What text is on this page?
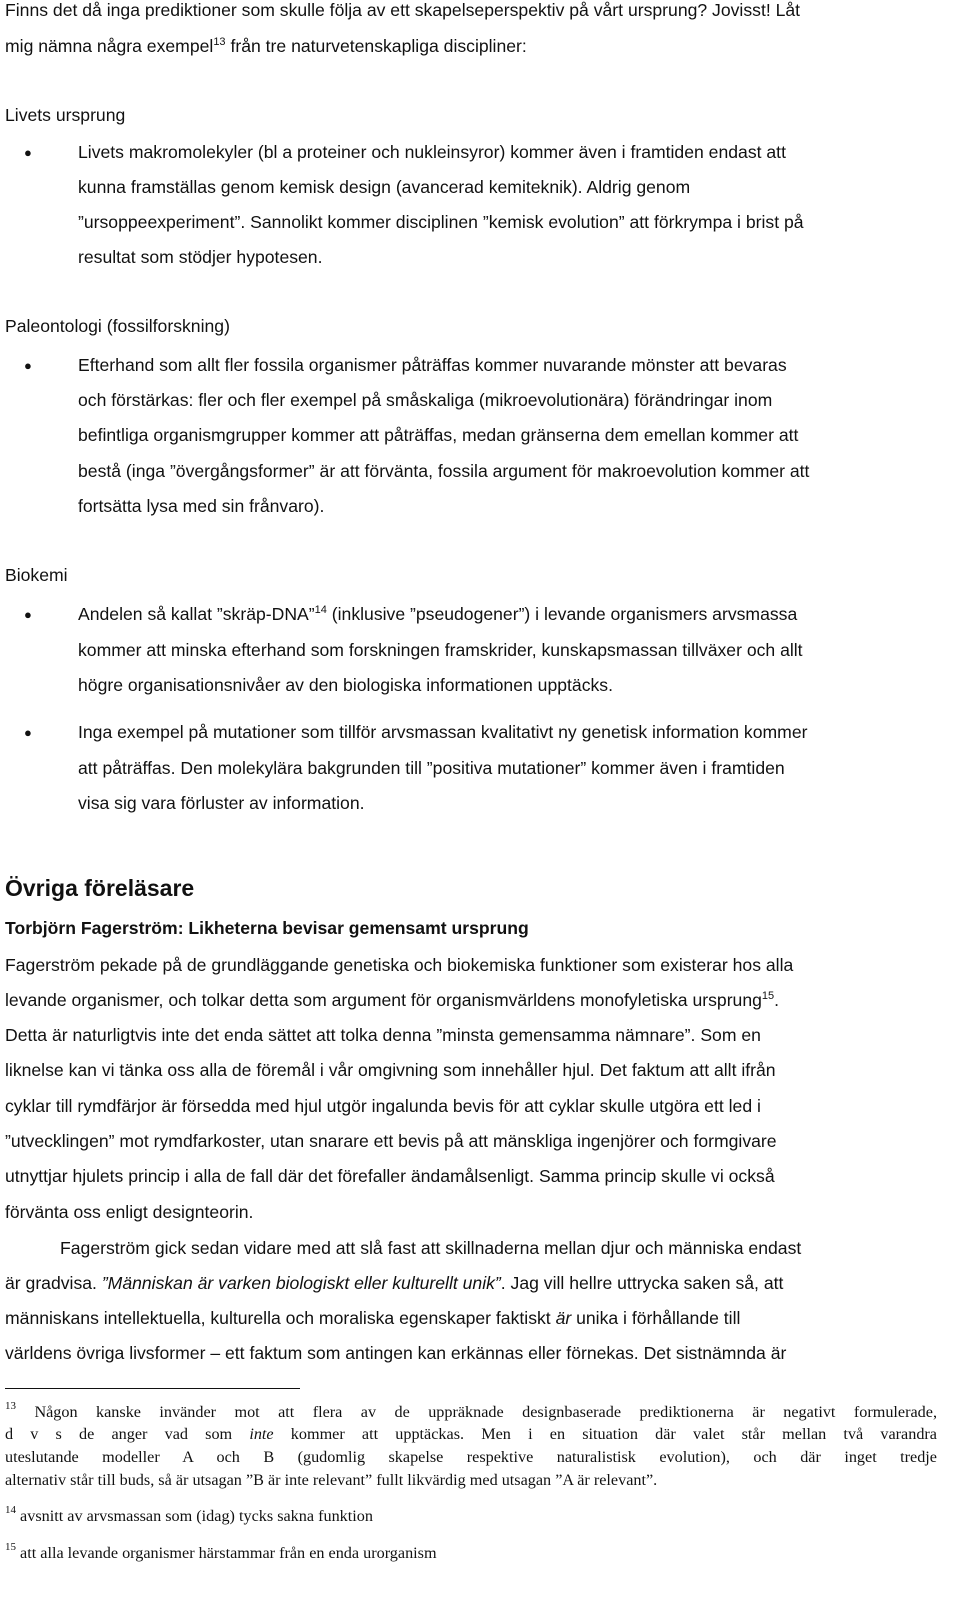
Finns det då inga prediktioner som skulle följa av ett skapelseperspektiv på vårt ursprung? Jovisst! Låt
mig nämna några exempel$^{13}$ från tre naturvetenskapliga discipliner:
Livets ursprung
●	Livets makromolekyler (bl a proteiner och nukleinsyror) kommer även i framtiden endast att
kunna framställas genom kemisk design (avancerad kemiteknik). Aldrig genom
”ursoppeexperiment”. Sannolikt kommer disciplinen ”kemisk evolution” att förkrympa i brist på
resultat som stödjer hypotesen.
Paleontologi (fossilforskning)
●	Efterhand som allt fler fossila organismer påträffas kommer nuvarande mönster att bevaras
och förstärkas: fler och fler exempel på småskaliga (mikroevolutionära) förändringar inom
befintliga organismgrupper kommer att påträffas, medan gränserna dem emellan kommer att
bestå (inga ”övergångsformer” är att förvänta, fossila argument för makroevolution kommer att
fortsätta lysa med sin frånvaro).
Biokemi
●	Andelen så kallat ”skräp-DNA”$^{14}$ (inklusive ”pseudogener”) i levande organismers arvsmassa
kommer att minska efterhand som forskningen framskrider, kunskapsmassan tillväxer och allt
högre organisationsnivåer av den biologiska informationen upptäcks.
●	Inga exempel på mutationer som tillför arvsmassan kvalitativt ny genetisk information kommer
att påträffas. Den molekylära bakgrunden till ”positiva mutationer” kommer även i framtiden
visa sig vara förluster av information.
Övriga föreläsare
Torbjörn Fagerström: Likheterna bevisar gemensamt ursprung
Fagerström pekade på de grundläggande genetiska och biokemiska funktioner som existerar hos alla
levande organismer, och tolkar detta som argument för organismvärldens monofyletiska ursprung$^{15}$.
Detta är naturligtvis inte det enda sättet att tolka denna ”minsta gemensamma nämnare”. Som en
liknelse kan vi tänka oss alla de föremål i vår omgivning som innehåller hjul. Det faktum att allt ifrån
cyklar till rymdfärjor är försedda med hjul utgör ingalunda bevis för att cyklar skulle utgöra ett led i
”utvecklingen” mot rymdfarkoster, utan snarare ett bevis på att mänskliga ingenjörer och formgivare
utnyttjar hjulets princip i alla de fall där det förefaller ändamålsenligt. Samma princip skulle vi också
förvänta oss enligt designteorin.
Fagerström gick sedan vidare med att slå fast att skillnaderna mellan djur och människa endast
är gradvisa. ”Människan är varken biologiskt eller kulturellt unik”. Jag vill hellre uttrycka saken så, att
människans intellektuella, kulturella och moraliska egenskaper faktiskt är unika i förhållande till
världens övriga livsformer – ett faktum som antingen kan erkännas eller förnekas. Det sistnämnda är
$^{13}$ Någon kanske invänder mot att flera av de uppräknade designbaserade prediktionerna är negativt formulerade,
d v s de anger vad som inte kommer att upptäckas. Men i en situation där valet står mellan två varandra
uteslutande modeller A och B (gudomlig skapelse respektive naturalistisk evolution), och där inget tredje
alternativ står till buds, så är utsagan ”B är inte relevant” fullt likvärdig med utsagan ”A är relevant”.
$^{14}$ avsnitt av arvsmassan som (idag) tycks sakna funktion
$^{15}$ att alla levande organismer härstammar från en enda urorganism
